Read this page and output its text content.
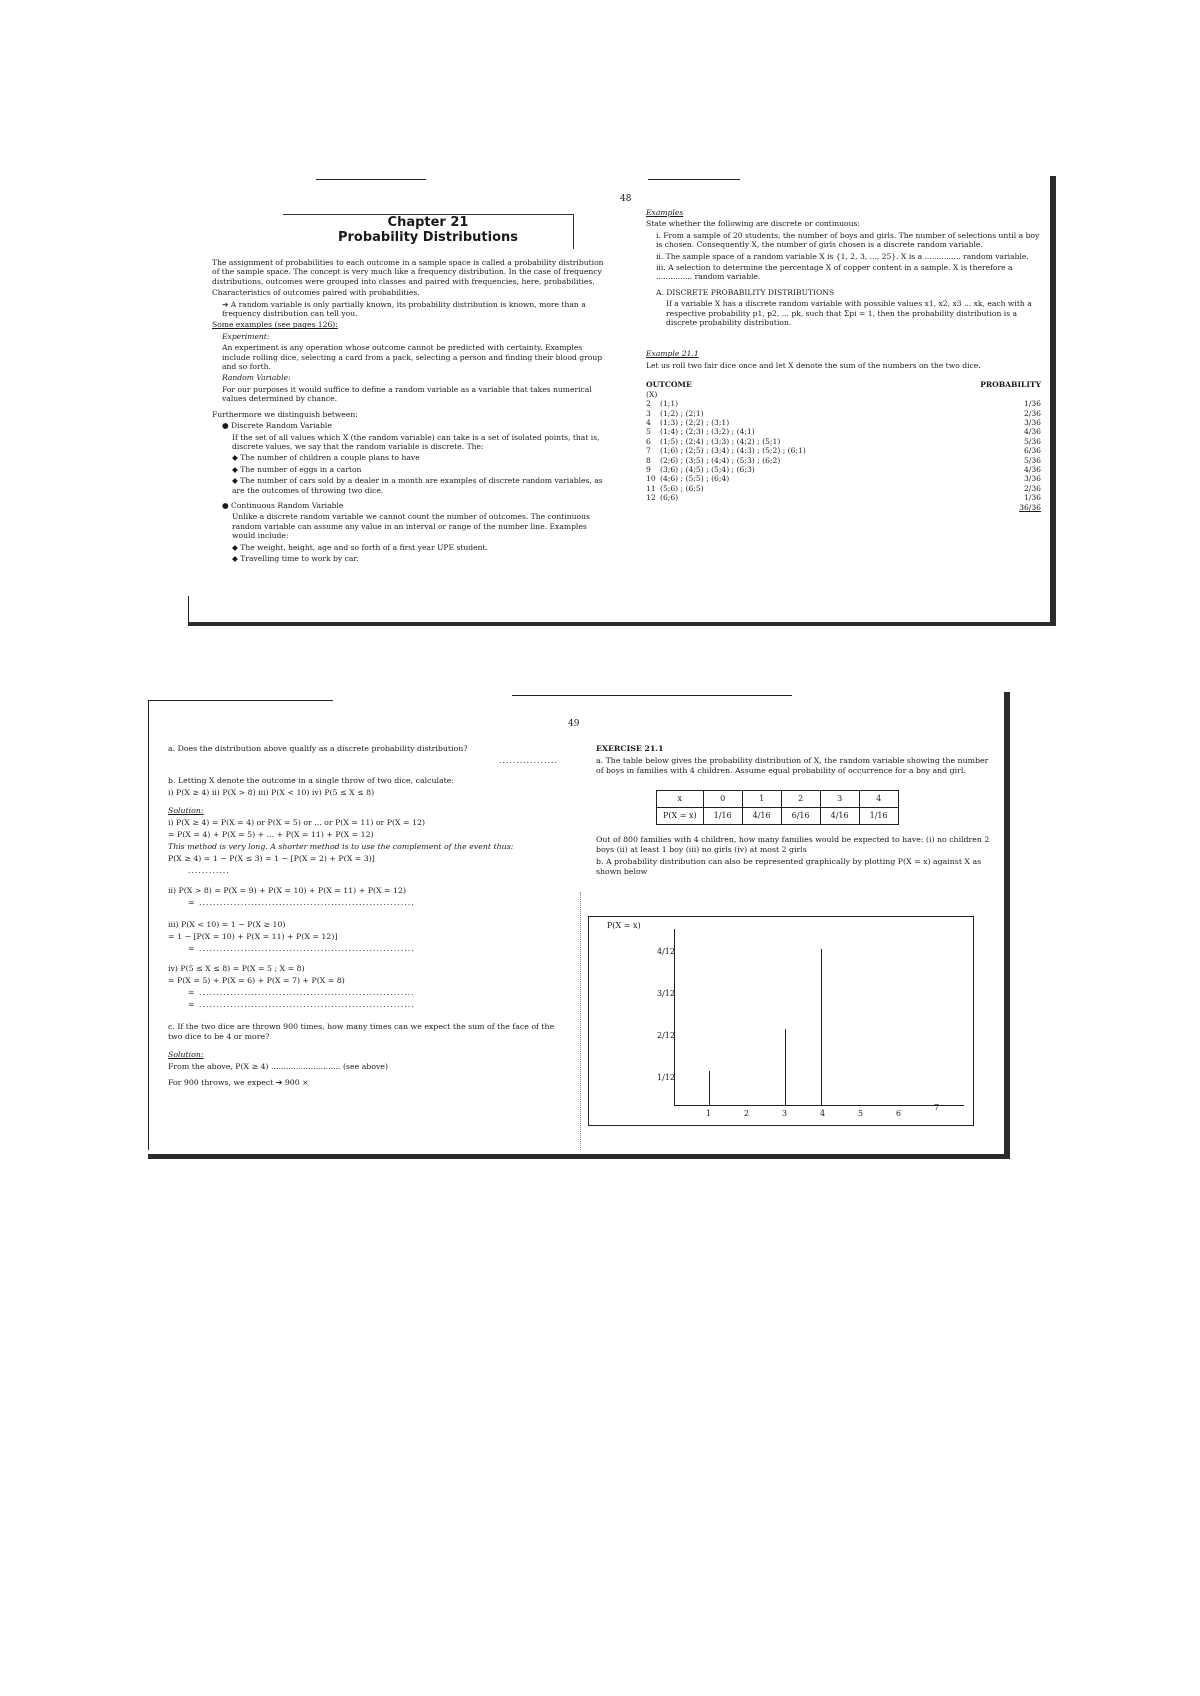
48
Chapter 21
Probability Distributions

The assignment of probabilities to each outcome in a sample space is called a probability distribution of the sample space. The concept is very much like a frequency distribution. In the case of frequency distributions, outcomes were grouped into classes and paired with frequencies, here, probabilities.

Characteristics of outcomes paired with probabilities.

➔ A random variable is only partially known, its probability distribution is known, more than a frequency distribution can tell you.

Some examples (see pages 126):

Experiment:

An experiment is any operation whose outcome cannot be predicted with certainty. Examples include rolling dice, selecting a card from a pack, selecting a person and finding their blood group and so forth.

Random Variable:

For our purposes it would suffice to define a random variable as a variable that takes numerical values determined by chance.

Furthermore we distinguish between:

● Discrete Random Variable

If the set of all values which X (the random variable) can take is a set of isolated points, that is, discrete values, we say that the random variable is discrete. The:

◆ The number of children a couple plans to have

◆ The number of eggs in a carton

◆ The number of cars sold by a dealer in a month are examples of discrete random variables, as are the outcomes of throwing two dice.

● Continuous Random Variable

Unlike a discrete random variable we cannot count the number of outcomes. The continuous random variable can assume any value in an interval or range of the number line. Examples would include:

◆ The weight, height, age and so forth of a first year UPE student.

◆ Travelling time to work by car.

Examples

State whether the following are discrete or continuous:

i. From a sample of 20 students, the number of boys and girls. The number of selections until a boy is chosen. Consequently X, the number of girls chosen is a discrete random variable.

ii. The sample space of a random variable X is {1, 2, 3, ..., 25}. X is a ............... random variable.

iii. A selection to determine the percentage X of copper content in a sample. X is therefore a ............... random variable.

A. DISCRETE PROBABILITY DISTRIBUTIONS

If a variable X has a discrete random variable with possible values x1, x2, x3 ... xk, each with a respective probability p1, p2, ... pk, such that Σpi = 1, then the probability distribution is a discrete probability distribution.

Example 21.1

Let us roll two fair dice once and let X denote the sum of the numbers on the two dice.

OUTCOME	PROBABILITY
(X)
2	(1;1)	1/36
3	(1;2) ; (2;1)	2/36
4	(1;3) ; (2;2) ; (3;1)	3/36
5	(1;4) ; (2;3) ; (3;2) ; (4;1)	4/36
6	(1;5) ; (2;4) ; (3;3) ; (4;2) ; (5;1)	5/36
7	(1;6) ; (2;5) ; (3;4) ; (4;3) ; (5;2) ; (6;1)	6/36
8	(2;6) ; (3;5) ; (4;4) ; (5;3) ; (6;2)	5/36
9	(3;6) ; (4;5) ; (5;4) ; (6;3)	4/36
10 (4;6) ; (5;5) ; (6;4)	3/36
11 (5;6) ; (6;5)	2/36
12 (6;6)	1/36
36/36
49

a. Does the distribution above qualify as a discrete probability distribution?

.................

b. Letting X denote the outcome in a single throw of two dice, calculate:

i) P(X ≥ 4) ii) P(X > 8) iii) P(X < 10) iv) P(5 ≤ X ≤ 8)

Solution:

i) P(X ≥ 4) = P(X = 4) or P(X = 5) or ... or P(X = 11) or P(X = 12)

= P(X = 4) + P(X = 5) + ... + P(X = 11) + P(X = 12)

This method is very long. A shorter method is to use the complement of the event thus:

P(X ≥ 4) = 1 − P(X ≤ 3) = 1 − [P(X = 2) + P(X = 3)]

............

ii) P(X > 8) = P(X = 9) + P(X = 10) + P(X = 11) + P(X = 12)

= ..............................................................

iii) P(X < 10) = 1 − P(X ≥ 10)

= 1 − [P(X = 10) + P(X = 11) + P(X = 12)]

= ..............................................................

iv) P(5 ≤ X ≤ 8) = P(X = 5 ; X = 8)

= P(X = 5) + P(X = 6) + P(X = 7) + P(X = 8)

= ..............................................................

= ..............................................................

c. If the two dice are thrown 900 times, how many times can we expect the sum of the face of the two dice to be 4 or more?

Solution:

From the above, P(X ≥ 4) ............................ (see above)

For 900 throws, we expect ➔ 900 ×

EXERCISE 21.1

a. The table below gives the probability distribution of X, the random variable showing the number of boys in families with 4 children. Assume equal probability of occurrence for a boy and girl.

x	0	1	2	3	4
P(X = x)	1/16	4/16	6/16	4/16	1/16

Out of 800 families with 4 children, how many families would be expected to have: (i) no children 2 boys (ii) at least 1 boy (iii) no girls (iv) at most 2 girls

b. A probability distribution can also be represented graphically by plotting P(X = x) against X as shown below

P(X = x)
4/12
3/12
2/12
1/12
1	2	3	4	5	6
7
